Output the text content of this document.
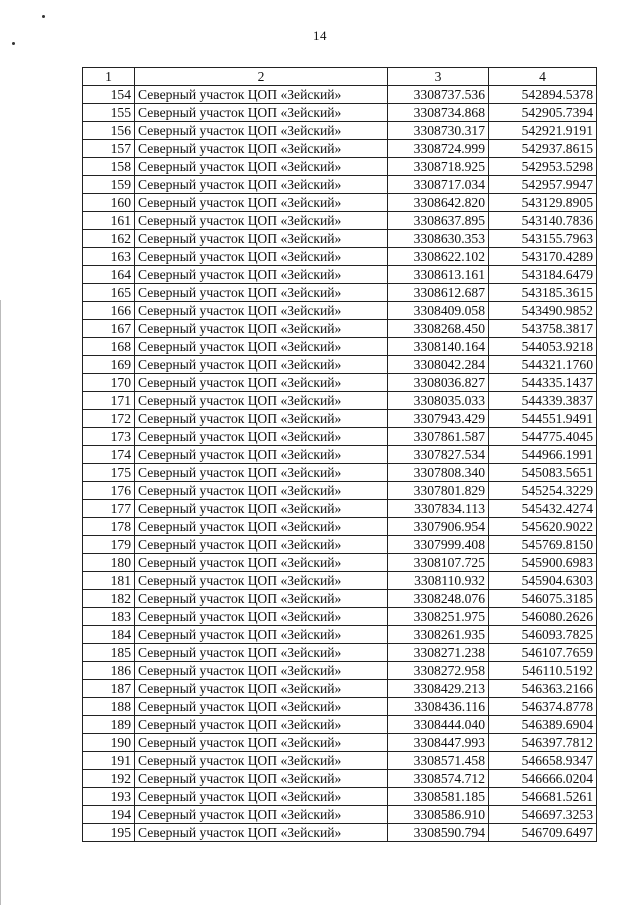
14
1	2	3	4
154	Северный участок ЦОП «Зейский»	3308737.536	542894.5378
155	Северный участок ЦОП «Зейский»	3308734.868	542905.7394
156	Северный участок ЦОП «Зейский»	3308730.317	542921.9191
157	Северный участок ЦОП «Зейский»	3308724.999	542937.8615
158	Северный участок ЦОП «Зейский»	3308718.925	542953.5298
159	Северный участок ЦОП «Зейский»	3308717.034	542957.9947
160	Северный участок ЦОП «Зейский»	3308642.820	543129.8905
161	Северный участок ЦОП «Зейский»	3308637.895	543140.7836
162	Северный участок ЦОП «Зейский»	3308630.353	543155.7963
163	Северный участок ЦОП «Зейский»	3308622.102	543170.4289
164	Северный участок ЦОП «Зейский»	3308613.161	543184.6479
165	Северный участок ЦОП «Зейский»	3308612.687	543185.3615
166	Северный участок ЦОП «Зейский»	3308409.058	543490.9852
167	Северный участок ЦОП «Зейский»	3308268.450	543758.3817
168	Северный участок ЦОП «Зейский»	3308140.164	544053.9218
169	Северный участок ЦОП «Зейский»	3308042.284	544321.1760
170	Северный участок ЦОП «Зейский»	3308036.827	544335.1437
171	Северный участок ЦОП «Зейский»	3308035.033	544339.3837
172	Северный участок ЦОП «Зейский»	3307943.429	544551.9491
173	Северный участок ЦОП «Зейский»	3307861.587	544775.4045
174	Северный участок ЦОП «Зейский»	3307827.534	544966.1991
175	Северный участок ЦОП «Зейский»	3307808.340	545083.5651
176	Северный участок ЦОП «Зейский»	3307801.829	545254.3229
177	Северный участок ЦОП «Зейский»	3307834.113	545432.4274
178	Северный участок ЦОП «Зейский»	3307906.954	545620.9022
179	Северный участок ЦОП «Зейский»	3307999.408	545769.8150
180	Северный участок ЦОП «Зейский»	3308107.725	545900.6983
181	Северный участок ЦОП «Зейский»	3308110.932	545904.6303
182	Северный участок ЦОП «Зейский»	3308248.076	546075.3185
183	Северный участок ЦОП «Зейский»	3308251.975	546080.2626
184	Северный участок ЦОП «Зейский»	3308261.935	546093.7825
185	Северный участок ЦОП «Зейский»	3308271.238	546107.7659
186	Северный участок ЦОП «Зейский»	3308272.958	546110.5192
187	Северный участок ЦОП «Зейский»	3308429.213	546363.2166
188	Северный участок ЦОП «Зейский»	3308436.116	546374.8778
189	Северный участок ЦОП «Зейский»	3308444.040	546389.6904
190	Северный участок ЦОП «Зейский»	3308447.993	546397.7812
191	Северный участок ЦОП «Зейский»	3308571.458	546658.9347
192	Северный участок ЦОП «Зейский»	3308574.712	546666.0204
193	Северный участок ЦОП «Зейский»	3308581.185	546681.5261
194	Северный участок ЦОП «Зейский»	3308586.910	546697.3253
195	Северный участок ЦОП «Зейский»	3308590.794	546709.6497
